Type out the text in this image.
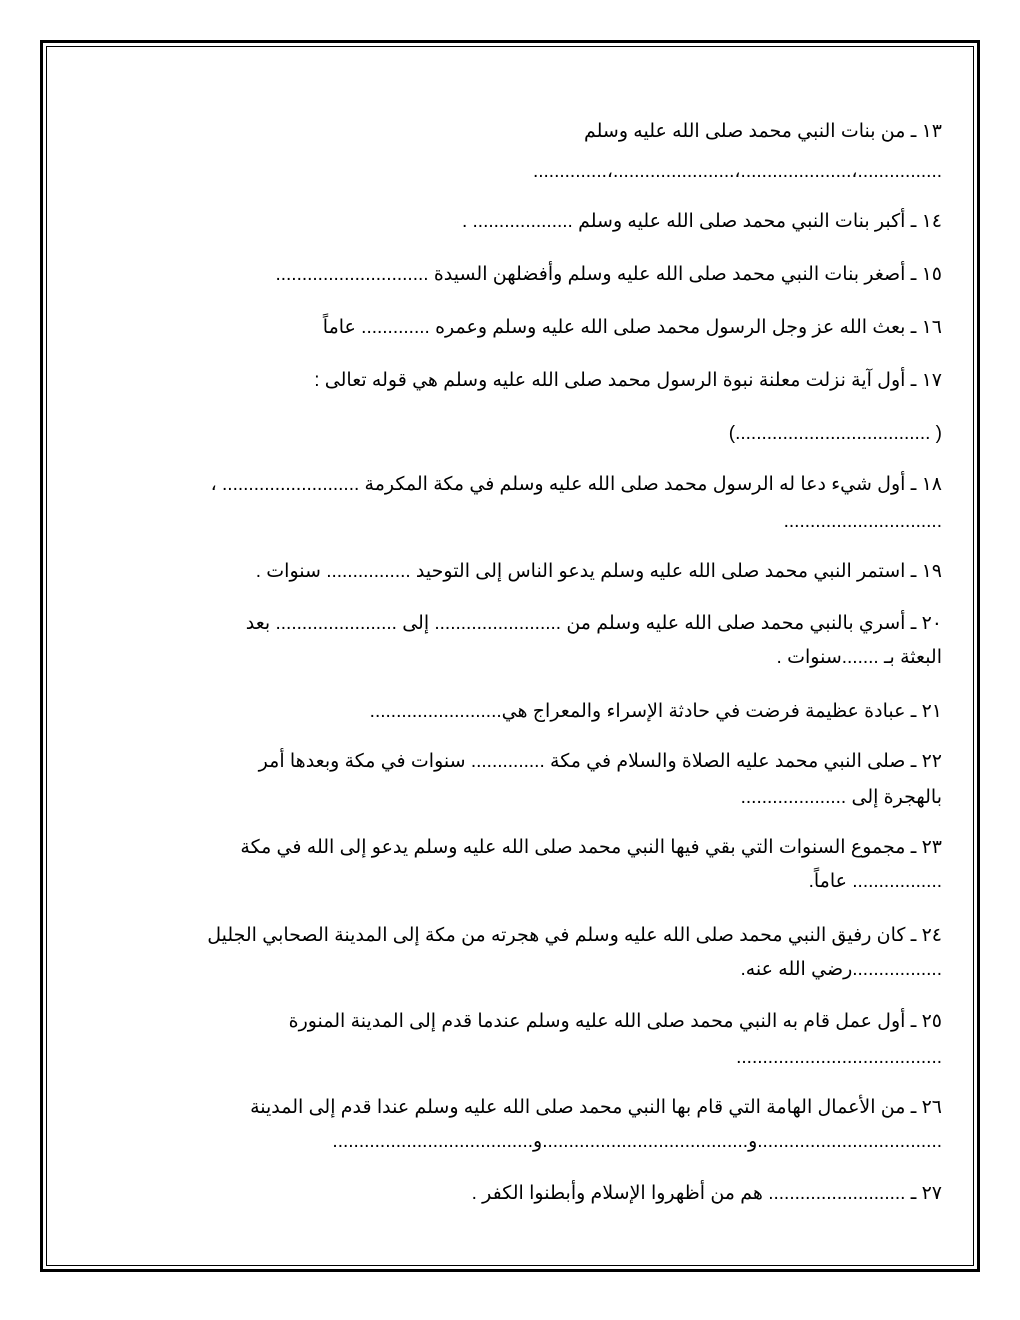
١٣ ـ من بنات النبي محمد صلى الله عليه وسلم
................،.....................،.......................،..............
١٤ ـ أكبر بنات النبي محمد صلى الله عليه وسلم ................... .
١٥ ـ أصغر بنات النبي محمد صلى الله عليه وسلم وأفضلهن السيدة .............................
١٦ ـ بعث الله عز وجل الرسول محمد صلى الله عليه وسلم وعمره ............. عاماً
١٧ ـ أول آية نزلت معلنة نبوة الرسول محمد صلى الله عليه وسلم هي قوله تعالى :
( .....................................)
١٨ ـ أول شيء دعا له الرسول محمد صلى الله عليه وسلم في مكة المكرمة .......................... ،
..............................
١٩ ـ استمر النبي محمد صلى الله عليه وسلم يدعو الناس إلى التوحيد ................ سنوات .
٢٠ ـ أسري بالنبي محمد صلى الله عليه وسلم من ........................ إلى ....................... بعد
البعثة بـ .......سنوات .
٢١ ـ عبادة عظيمة فرضت في حادثة الإسراء والمعراج هي.........................
٢٢ ـ صلى النبي محمد عليه الصلاة والسلام في مكة .............. سنوات في مكة وبعدها أمر
بالهجرة إلى ....................
٢٣ ـ مجموع السنوات التي بقي فيها النبي محمد صلى الله عليه وسلم يدعو إلى الله في مكة
................. عاماً.
٢٤ ـ كان رفيق النبي محمد صلى الله عليه وسلم في هجرته من مكة إلى المدينة الصحابي الجليل
.................رضي الله عنه.
٢٥ ـ أول عمل قام به النبي محمد صلى الله عليه وسلم عندما قدم إلى المدينة المنورة
.......................................
٢٦ ـ من الأعمال الهامة التي قام بها النبي محمد صلى الله عليه وسلم عندا قدم إلى المدينة
...................................و.......................................و......................................
٢٧ ـ .......................... هم من أظهروا الإسلام وأبطنوا الكفر .
